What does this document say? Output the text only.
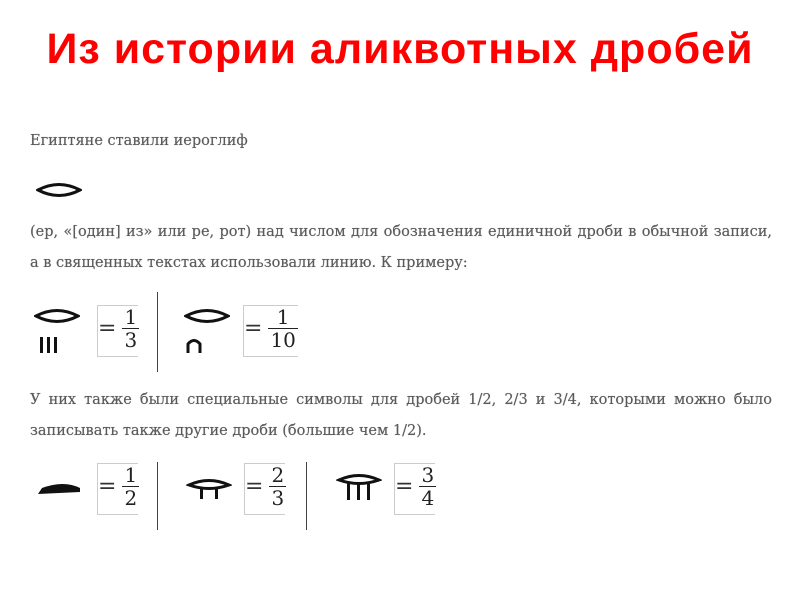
Из истории аликвотных дробей
Египтяне ставили иероглиф
(ер, «[один] из» или ре, рот) над числом для обозначения единичной дроби в обычной записи, а в священных текстах использовали линию. К примеру:
= $\frac{1}{3}$	= $\frac{1}{10}$
У них также были специальные символы для дробей 1/2, 2/3 и 3/4, которыми можно было записывать также другие дроби (большие чем 1/2).
= $\frac{1}{2}$	= $\frac{2}{3}$	= $\frac{3}{4}$
